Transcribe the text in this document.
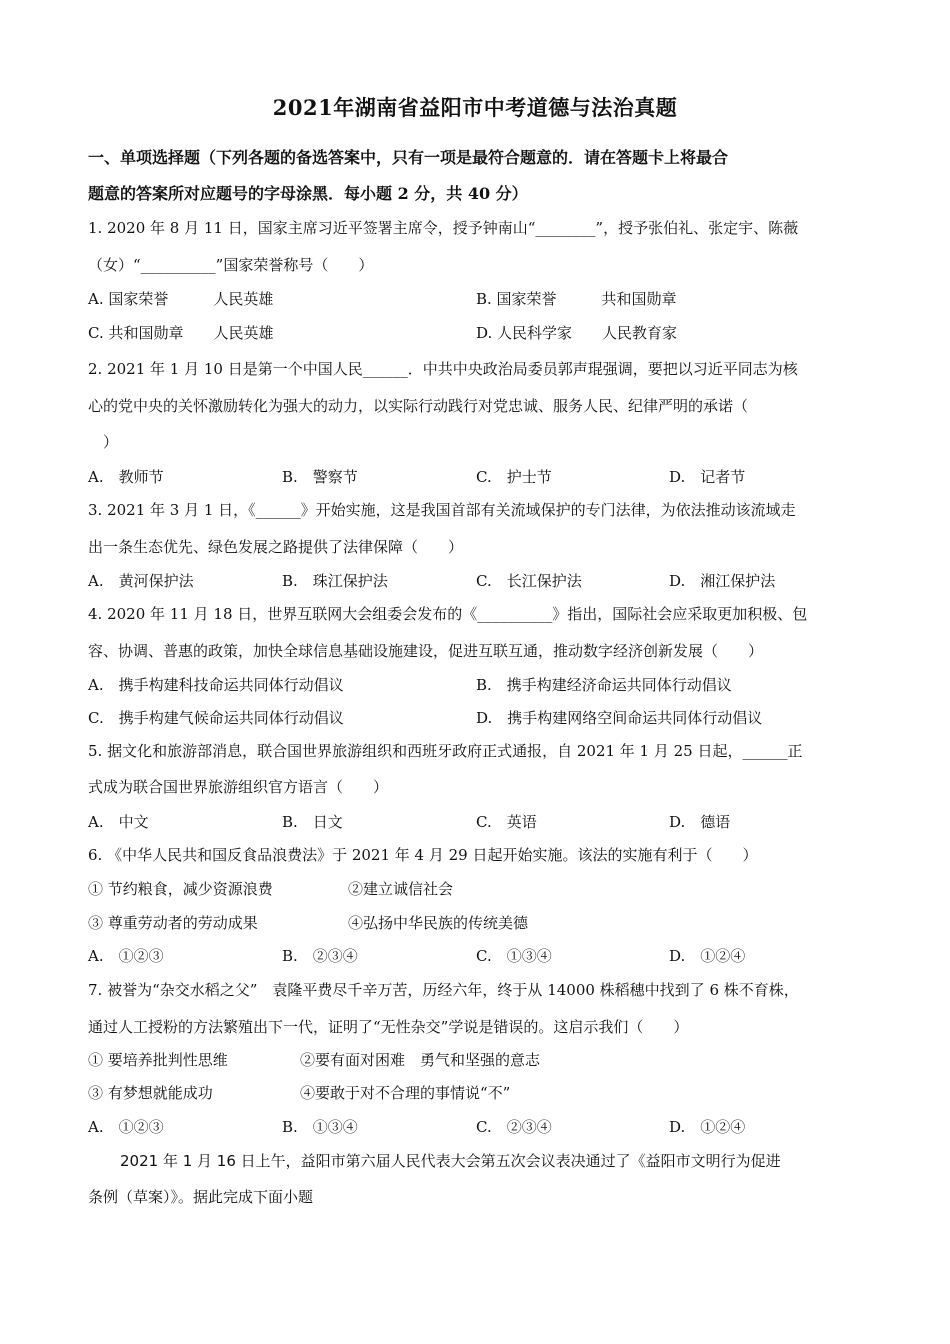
2021年湖南省益阳市中考道德与法治真题
一、单项选择题（下列各题的备选答案中，只有一项是最符合题意的．请在答题卡上将最合
题意的答案所对应题号的字母涂黑．每小题 2 分，共 40 分）
1. 2020 年 8 月 11 日，国家主席习近平签署主席令，授予钟南山“________”，授予张伯礼、张定宇、陈薇
（女）“__________”国家荣誉称号（　　）
A. 国家荣誉　　　人民英雄	B. 国家荣誉　　　共和国勋章
C. 共和国勋章　　人民英雄	D. 人民科学家　　人民教育家
2. 2021 年 1 月 10 日是第一个中国人民______．中共中央政治局委员郭声琨强调，要把以习近平同志为核
心的党中央的关怀激励转化为强大的动力，以实际行动践行对党忠诚、服务人民、纪律严明的承诺（
　）
A.　教师节	B.　警察节	C.　护士节	D.　记者节
3. 2021 年 3 月 1 日，《______》开始实施，这是我国首部有关流域保护的专门法律，为依法推动该流域走
出一条生态优先、绿色发展之路提供了法律保障（　　）
A.　黄河保护法	B.　珠江保护法	C.　长江保护法	D.　湘江保护法
4. 2020 年 11 月 18 日，世界互联网大会组委会发布的《__________》指出，国际社会应采取更加积极、包
容、协调、普惠的政策，加快全球信息基础设施建设，促进互联互通，推动数字经济创新发展（　　）
A.　携手构建科技命运共同体行动倡议	B.　携手构建经济命运共同体行动倡议
C.　携手构建气候命运共同体行动倡议	D.　携手构建网络空间命运共同体行动倡议
5. 据文化和旅游部消息，联合国世界旅游组织和西班牙政府正式通报，自 2021 年 1 月 25 日起，______正
式成为联合国世界旅游组织官方语言（　　）
A.　中文	B.　日文	C.　英语	D.　德语
6. 《中华人民共和国反食品浪费法》于 2021 年 4 月 29 日起开始实施。该法的实施有利于（　　）
① 节约粮食，减少资源浪费	②建立诚信社会
③ 尊重劳动者的劳动成果	④弘扬中华民族的传统美德
A.　①②③	B.　②③④	C.　①③④	D.　①②④
7. 被誉为“杂交水稻之父”　袁隆平费尽千辛万苦，历经六年，终于从 14000 株稻穗中找到了 6 株不育株，
通过人工授粉的方法繁殖出下一代，证明了“无性杂交”学说是错误的。这启示我们（　　）
① 要培养批判性思维	②要有面对困难　勇气和坚强的意志
③ 有梦想就能成功	④要敢于对不合理的事情说“不”
A.　①②③	B.　①③④	C.　②③④	D.　①②④
2021 年 1 月 16 日上午，益阳市第六届人民代表大会第五次会议表决通过了《益阳市文明行为促进
条例（草案）》。据此完成下面小题
